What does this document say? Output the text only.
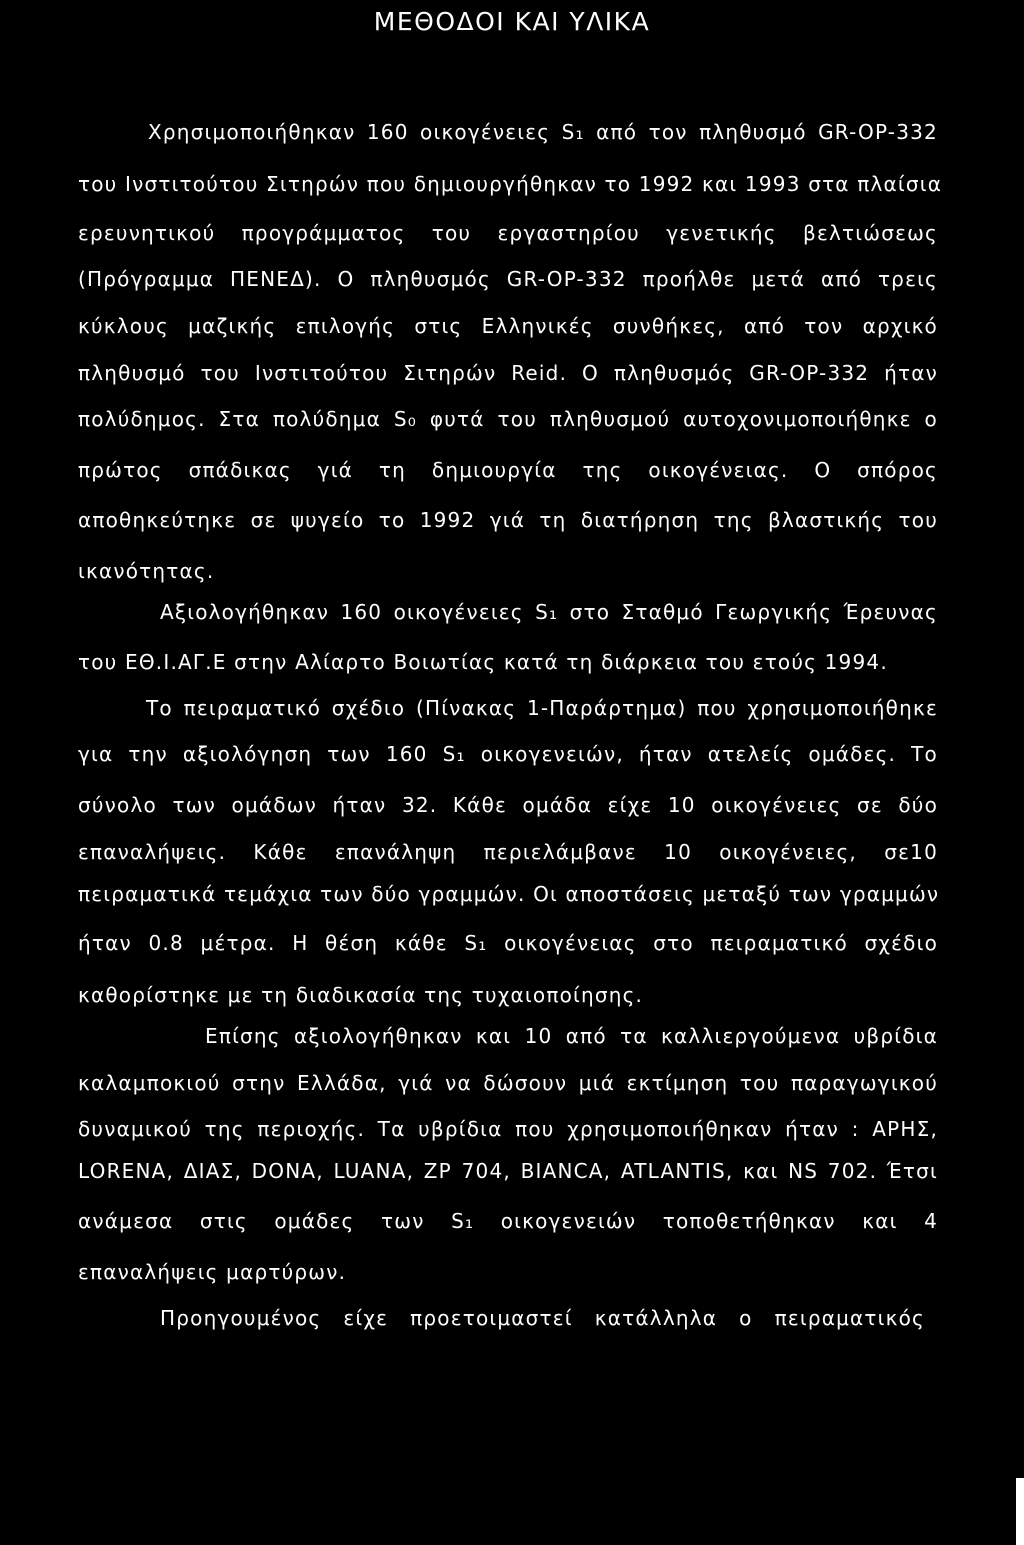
ΜΕΘΟΔΟΙ ΚΑΙ ΥΛΙΚΑ

Χρησιμοποιήθηκαν 160 οικογένειες S₁ από τον πληθυσμό GR-OP-332

του Ινστιτούτου Σιτηρών που δημιουργήθηκαν το 1992 και 1993 στα πλαίσια

ερευνητικού προγράμματος του εργαστηρίου γενετικής βελτιώσεως

(Πρόγραμμα ΠΕΝΕΔ). Ο πληθυσμός GR-OP-332 προήλθε μετά από τρεις

κύκλους μαζικής επιλογής στις Ελληνικές συνθήκες, από τον αρχικό

πληθυσμό του Ινστιτούτου Σιτηρών Reid. Ο πληθυσμός GR-OP-332 ήταν

πολύδημος. Στα πολύδημα S₀ φυτά του πληθυσμού αυτοχονιμοποιήθηκε ο

πρώτος σπάδικας γιά τη δημιουργία της οικογένειας. Ο σπόρος

αποθηκεύτηκε σε ψυγείο το 1992 γιά τη διατήρηση της βλαστικής του

ικανότητας.

Αξιολογήθηκαν 160 οικογένειες S₁ στο Σταθμό Γεωργικής Έρευνας

του ΕΘ.Ι.ΑΓ.Ε στην Αλίαρτο Βοιωτίας κατά τη διάρκεια του ετούς 1994.

Το πειραματικό σχέδιο (Πίνακας 1-Παράρτημα) που χρησιμοποιήθηκε

για την αξιολόγηση των 160 S₁ οικογενειών, ήταν ατελείς ομάδες. Το

σύνολο των ομάδων ήταν 32. Κάθε ομάδα είχε 10 οικογένειες σε δύο

επαναλήψεις. Κάθε επανάληψη περιελάμβανε 10 οικογένειες, σε10

πειραματικά τεμάχια των δύο γραμμών. Οι αποστάσεις μεταξύ των γραμμών

ήταν 0.8 μέτρα. Η θέση κάθε S₁ οικογένειας στο πειραματικό σχέδιο

καθορίστηκε με τη διαδικασία της τυχαιοποίησης.

Επίσης αξιολογήθηκαν και 10 από τα καλλιεργούμενα υβρίδια

καλαμποκιού στην Ελλάδα, γιά να δώσουν μιά εκτίμηση του παραγωγικού

δυναμικού της περιοχής. Τα υβρίδια που χρησιμοποιήθηκαν ήταν : ΑΡΗΣ,

LORENA, ΔΙΑΣ, DONA, LUANA, ZP 704, BIANCA, ATLANTIS, και NS 702. Έτσι

ανάμεσα στις ομάδες των S₁ οικογενειών τοποθετήθηκαν και 4

επαναλήψεις μαρτύρων.

Προηγουμένος είχε προετοιμαστεί κατάλληλα ο πειραματικός
